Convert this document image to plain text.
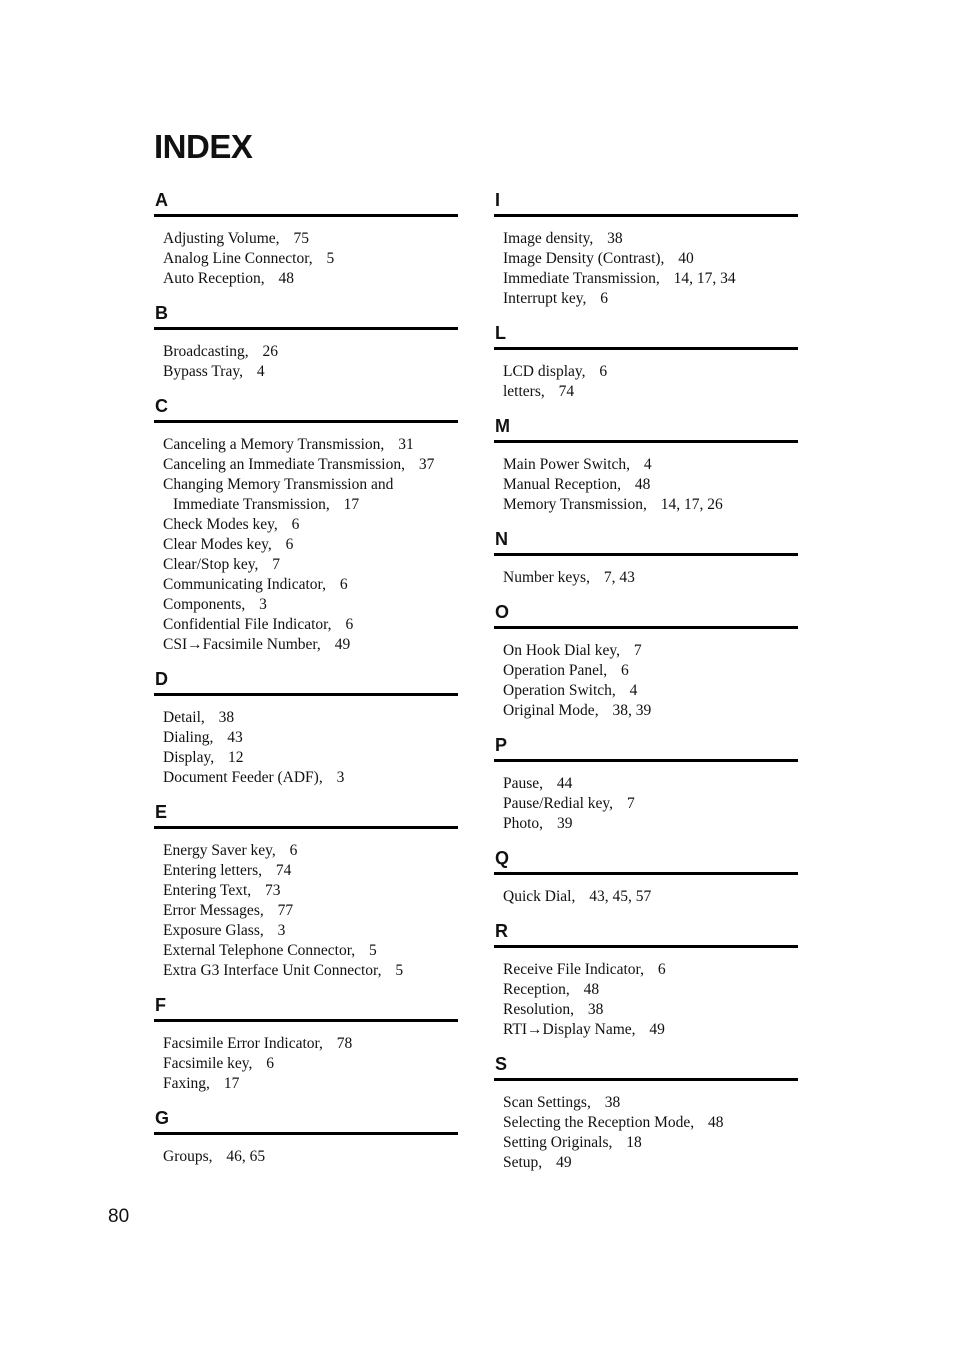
INDEX
A
Adjusting Volume, 75
Analog Line Connector, 5
Auto Reception, 48
B
Broadcasting, 26
Bypass Tray, 4
C
Canceling a Memory Transmission, 31
Canceling an Immediate Transmission, 37
Changing Memory Transmission and Immediate Transmission, 17
Check Modes key, 6
Clear Modes key, 6
Clear/Stop key, 7
Communicating Indicator, 6
Components, 3
Confidential File Indicator, 6
CSI→Facsimile Number, 49
D
Detail, 38
Dialing, 43
Display, 12
Document Feeder (ADF), 3
E
Energy Saver key, 6
Entering letters, 74
Entering Text, 73
Error Messages, 77
Exposure Glass, 3
External Telephone Connector, 5
Extra G3 Interface Unit Connector, 5
F
Facsimile Error Indicator, 78
Facsimile key, 6
Faxing, 17
G
Groups, 46, 65
I
Image density, 38
Image Density (Contrast), 40
Immediate Transmission, 14, 17, 34
Interrupt key, 6
L
LCD display, 6
letters, 74
M
Main Power Switch, 4
Manual Reception, 48
Memory Transmission, 14, 17, 26
N
Number keys, 7, 43
O
On Hook Dial key, 7
Operation Panel, 6
Operation Switch, 4
Original Mode, 38, 39
P
Pause, 44
Pause/Redial key, 7
Photo, 39
Q
Quick Dial, 43, 45, 57
R
Receive File Indicator, 6
Reception, 48
Resolution, 38
RTI→Display Name, 49
S
Scan Settings, 38
Selecting the Reception Mode, 48
Setting Originals, 18
Setup, 49
80
